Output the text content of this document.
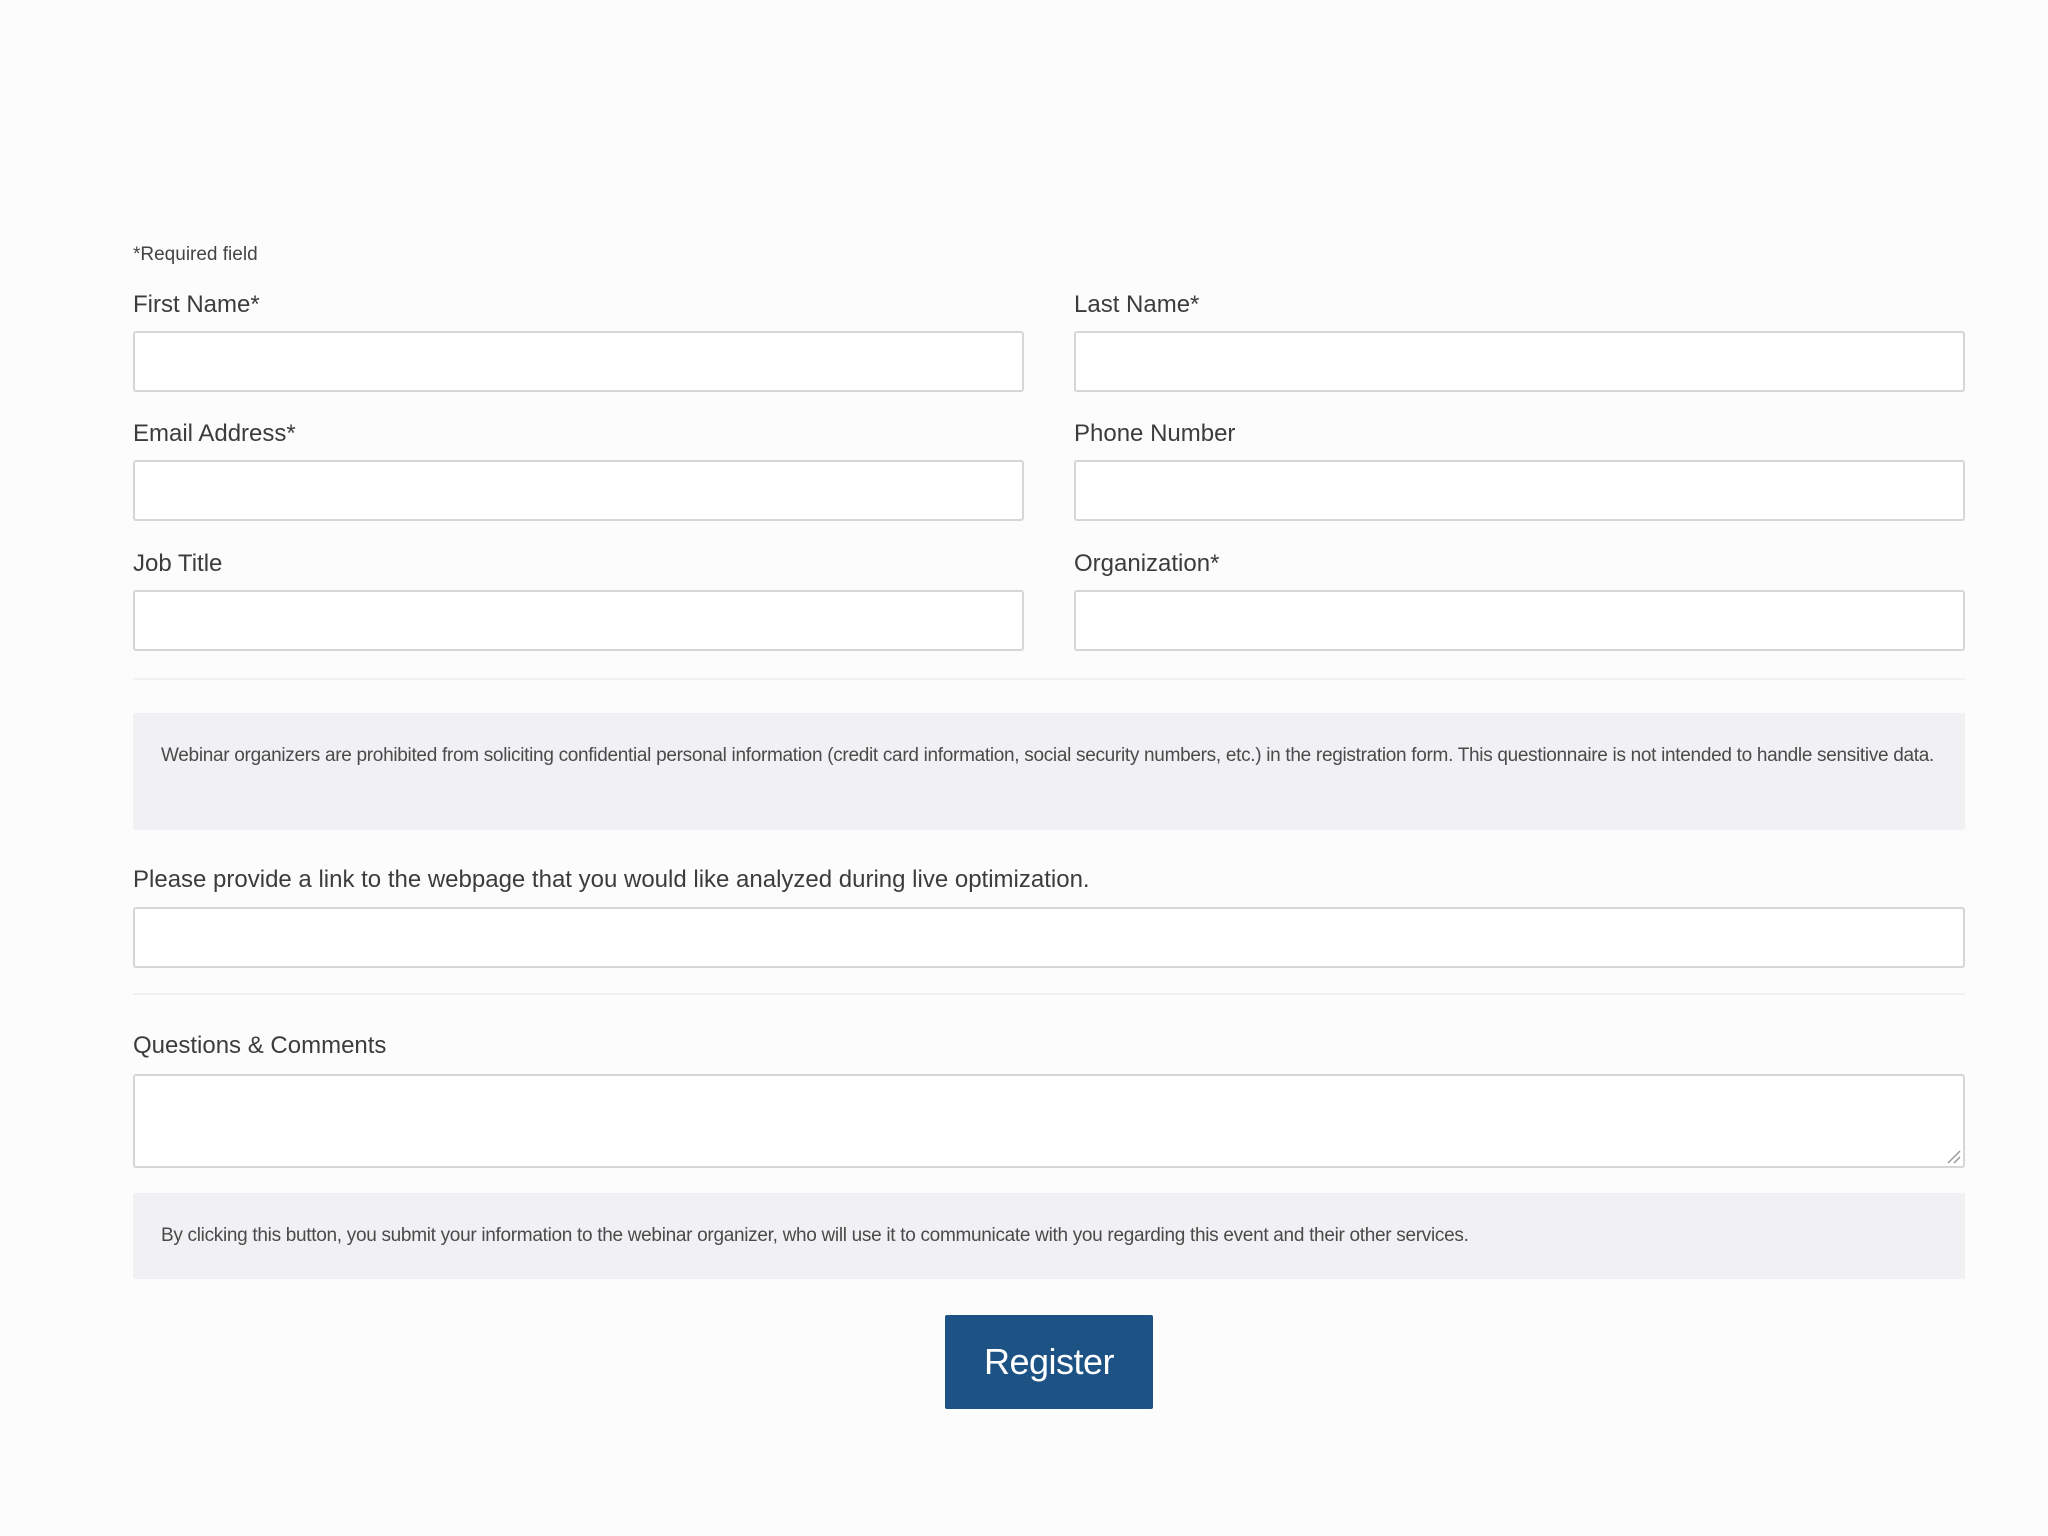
*Required field
First Name*	Last Name*
Email Address*	Phone Number
Job Title	Organization*
Webinar organizers are prohibited from soliciting confidential personal information (credit card information, social security numbers, etc.) in the registration form. This questionnaire is not intended to handle sensitive data.
Please provide a link to the webpage that you would like analyzed during live optimization.
Questions & Comments
By clicking this button, you submit your information to the webinar organizer, who will use it to communicate with you regarding this event and their other services.
Register
